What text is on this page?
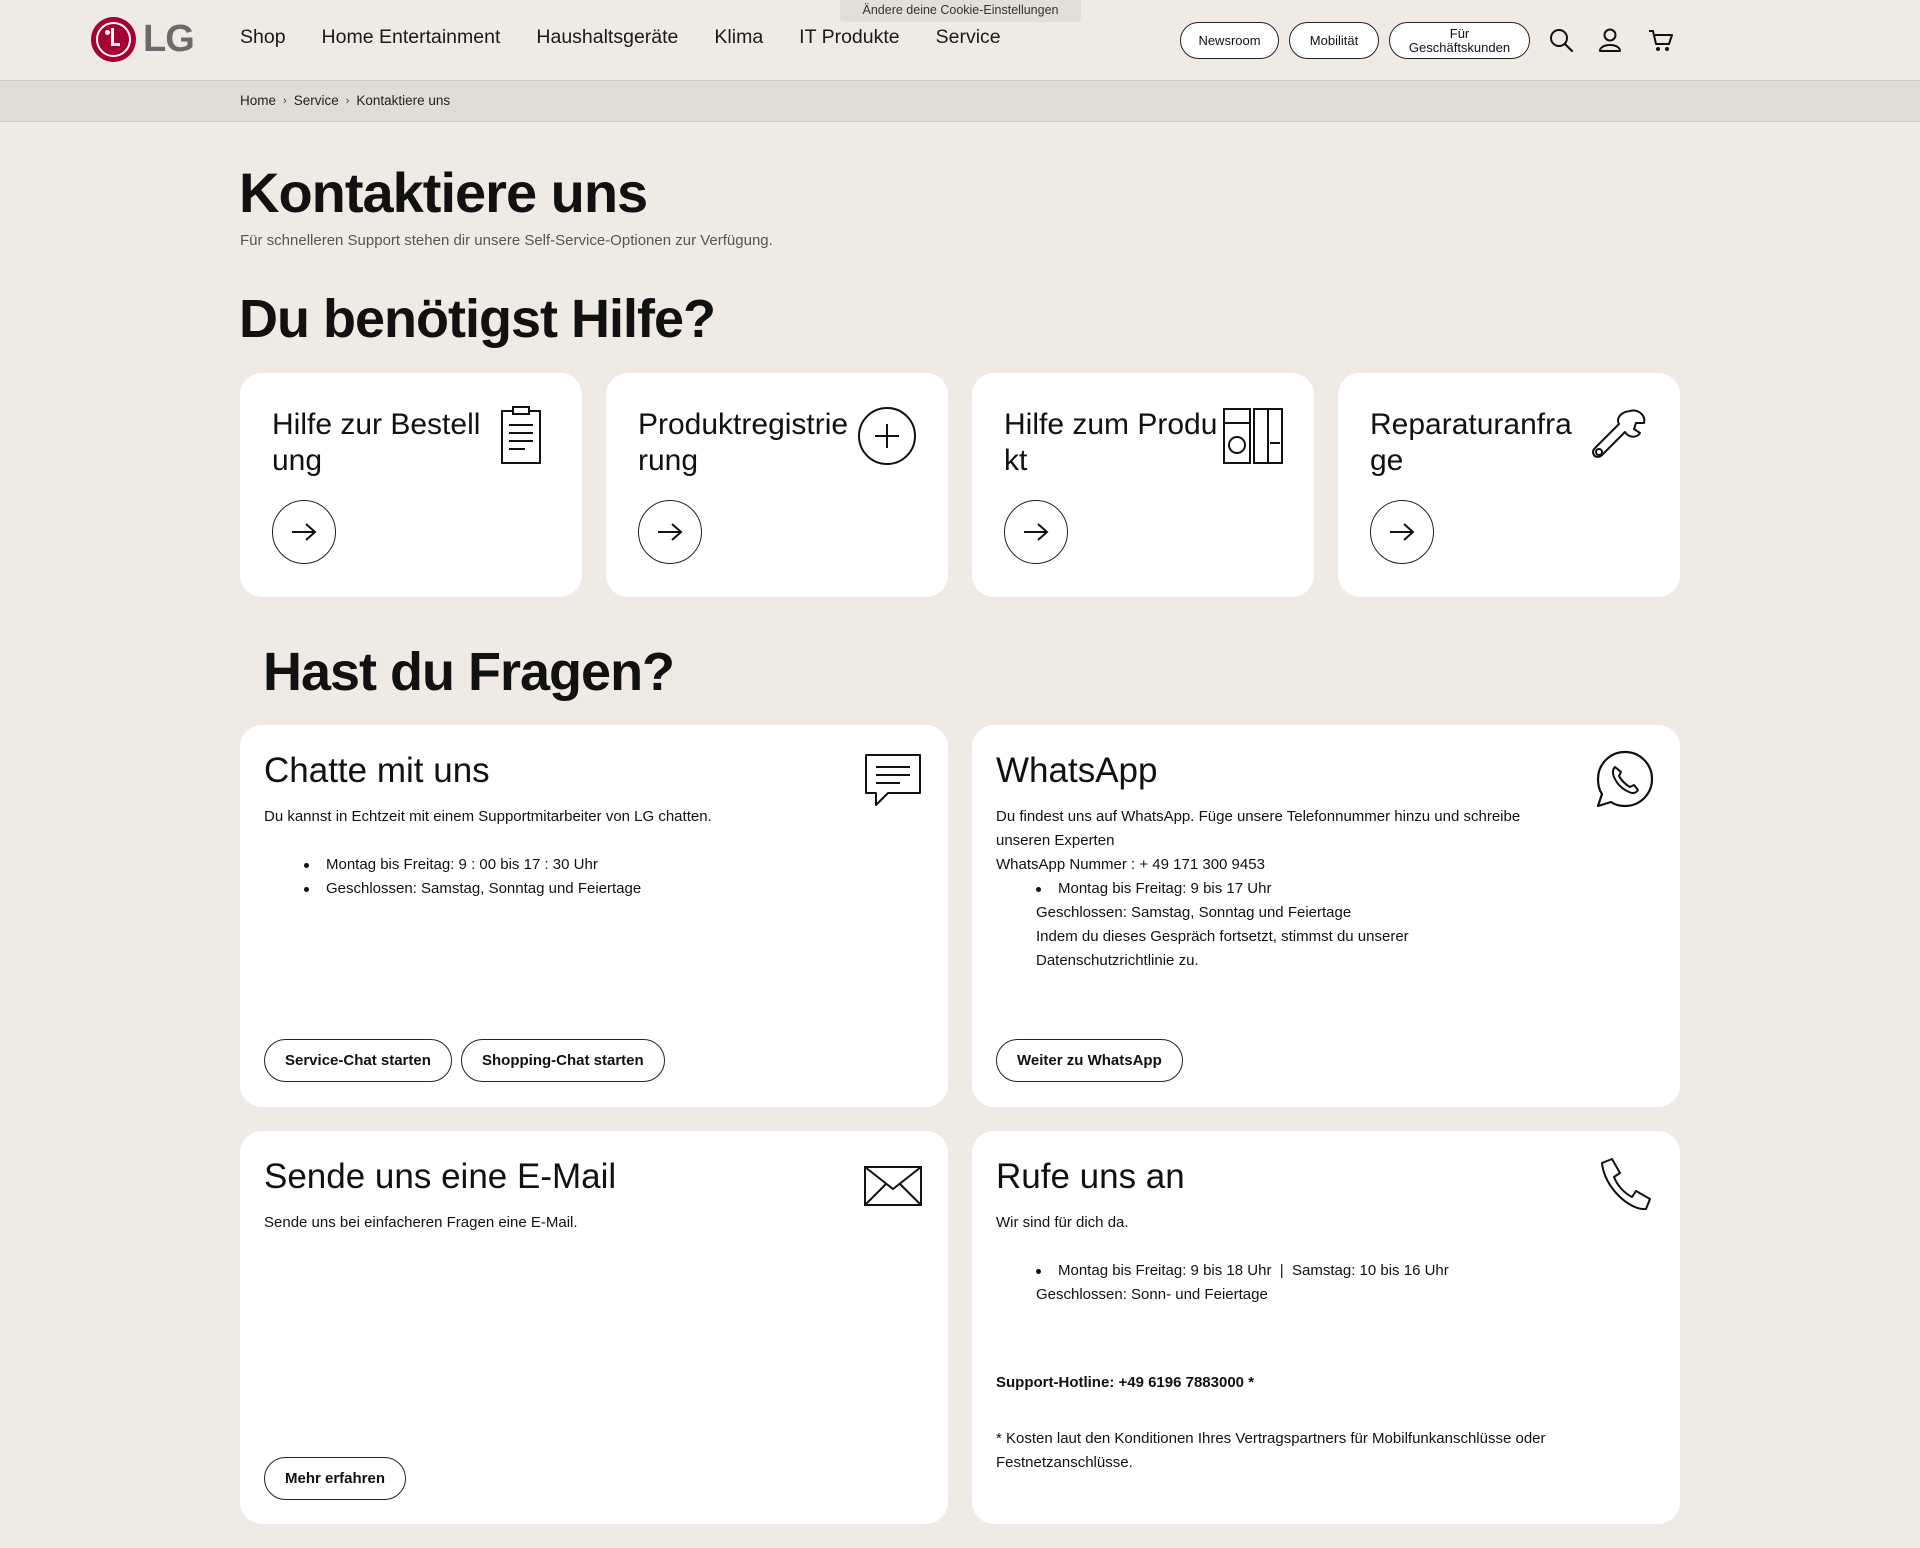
Ändere deine Cookie-Einstellungen
LG Shop Home Entertainment Haushaltsgeräte Klima IT Produkte Service	Newsroom	Mobilität	Für
Geschäftskunden
Home › Service › Kontaktiere uns
Kontaktiere uns

Für schnelleren Support stehen dir unsere Self-Service-Optionen zur Verfügung.

Du benötigst Hilfe?
Hilfe zur Bestellung
Produktregistrierung
Hilfe zum Produkt
Reparaturanfrage
Hast du Fragen?
Chatte mit uns

Du kannst in Echtzeit mit einem Supportmitarbeiter von LG chatten.

Montag bis Freitag: 9 : 00 bis 17 : 30 Uhr
Geschlossen: Samstag, Sonntag und Feiertage
Service-Chat starten	Shopping-Chat starten
WhatsApp

Du findest uns auf WhatsApp. Füge unsere Telefonnummer hinzu und schreibe unseren Experten

WhatsApp Nummer : + 49 171 300 9453

Montag bis Freitag: 9 bis 17 Uhr

Geschlossen: Samstag, Sonntag und Feiertage

Indem du dieses Gespräch fortsetzt, stimmst du unserer Datenschutzrichtlinie zu.

Weiter zu WhatsApp
Sende uns eine E-Mail

Sende uns bei einfacheren Fragen eine E-Mail.

Mehr erfahren
Rufe uns an

Wir sind für dich da.

Montag bis Freitag: 9 bis 18 Uhr  |  Samstag: 10 bis 16 Uhr

Geschlossen: Sonn- und Feiertage

Support-Hotline: +49 6196 7883000 *

* Kosten laut den Konditionen Ihres Vertragspartners für Mobilfunkanschlüsse oder Festnetzanschlüsse.
